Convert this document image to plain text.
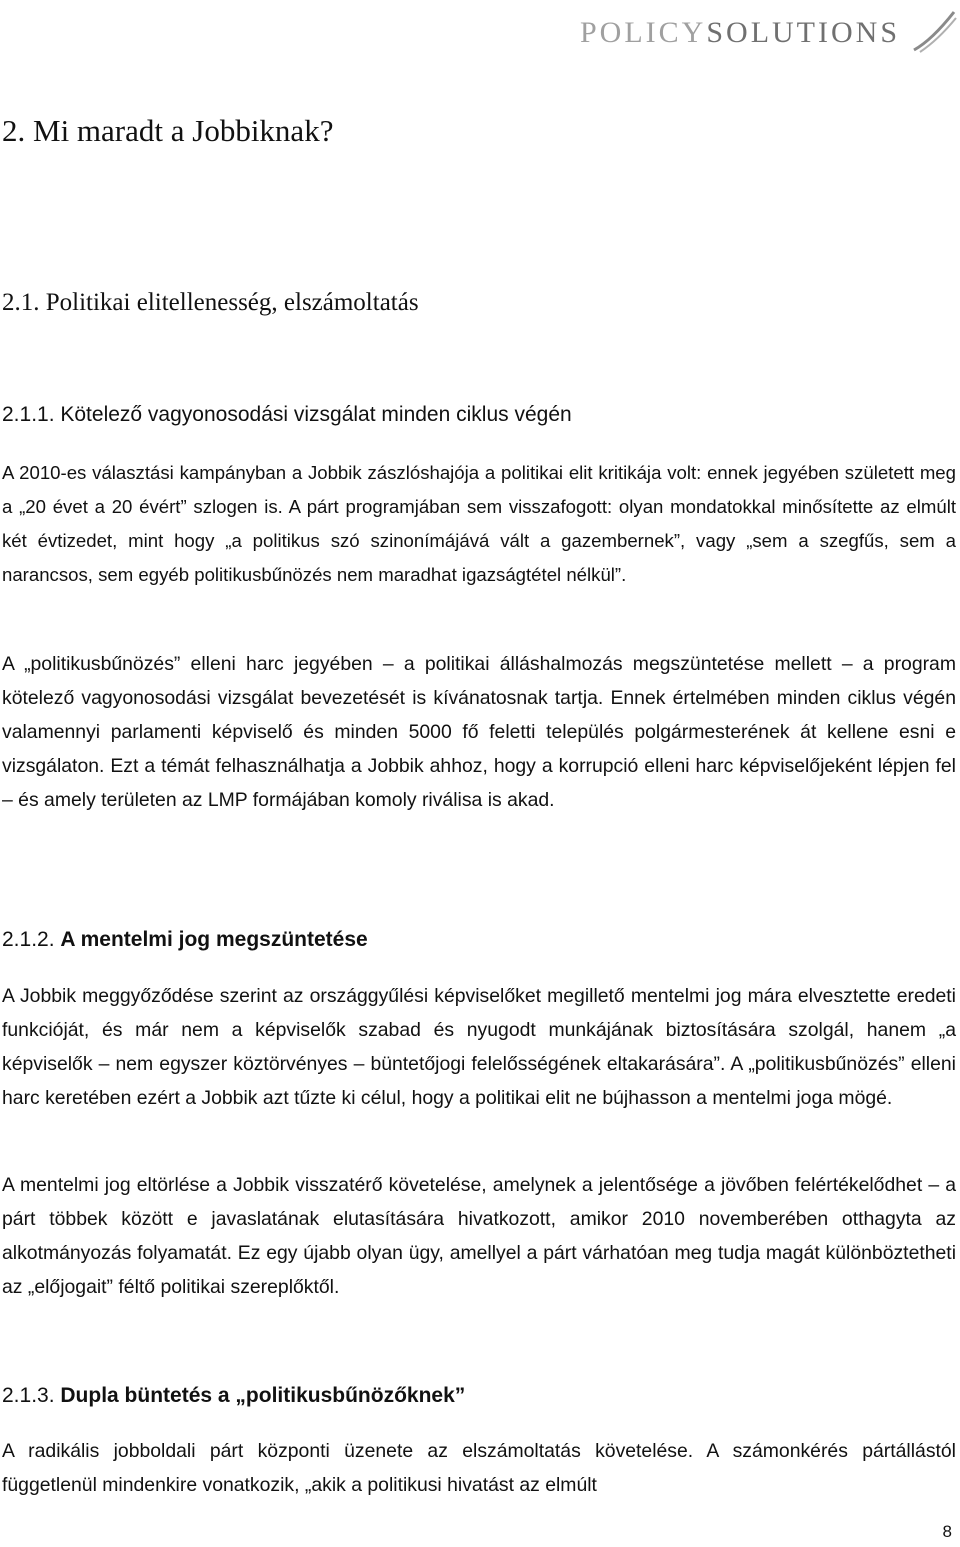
POLICYSOLUTIONS
2. Mi maradt a Jobbiknak?
2.1. Politikai elitellenesség, elszámoltatás
2.1.1. Kötelező vagyonosodási vizsgálat minden ciklus végén

A 2010-es választási kampányban a Jobbik zászlóshajója a politikai elit kritikája volt: ennek jegyében született meg a „20 évet a 20 évért” szlogen is. A párt programjában sem visszafogott: olyan mondatokkal minősítette az elmúlt két évtizedet, mint hogy „a politikus szó szinonímájává vált a gazembernek”, vagy „sem a szegfűs, sem a narancsos, sem egyéb politikusbűnözés nem maradhat igazságtétel nélkül”.

A „politikusbűnözés” elleni harc jegyében – a politikai álláshalmozás megszüntetése mellett – a program kötelező vagyonosodási vizsgálat bevezetését is kívánatosnak tartja. Ennek értelmében minden ciklus végén valamennyi parlamenti képviselő és minden 5000 fő feletti település polgármesterének át kellene esni e vizsgálaton. Ezt a témát felhasználhatja a Jobbik ahhoz, hogy a korrupció elleni harc képviselőjeként lépjen fel – és amely területen az LMP formájában komoly riválisa is akad.

2.1.2. A mentelmi jog megszüntetése

A Jobbik meggyőződése szerint az országgyűlési képviselőket megillető mentelmi jog mára elvesztette eredeti funkcióját, és már nem a képviselők szabad és nyugodt munkájának biztosítására szolgál, hanem „a képviselők – nem egyszer köztörvényes – büntetőjogi felelősségének eltakarására”. A „politikusbűnözés” elleni harc keretében ezért a Jobbik azt tűzte ki célul, hogy a politikai elit ne bújhasson a mentelmi joga mögé.

A mentelmi jog eltörlése a Jobbik visszatérő követelése, amelynek a jelentősége a jövőben felértékelődhet – a párt többek között e javaslatának elutasítására hivatkozott, amikor 2010 novemberében otthagyta az alkotmányozás folyamatát. Ez egy újabb olyan ügy, amellyel a párt várhatóan meg tudja magát különböztetheti az „előjogait” féltő politikai szereplőktől.

2.1.3. Dupla büntetés a „politikusbűnözőknek”

A radikális jobboldali párt központi üzenete az elszámoltatás követelése. A számonkérés pártállástól függetlenül mindenkire vonatkozik, „akik a politikusi hivatást az elmúlt

8
